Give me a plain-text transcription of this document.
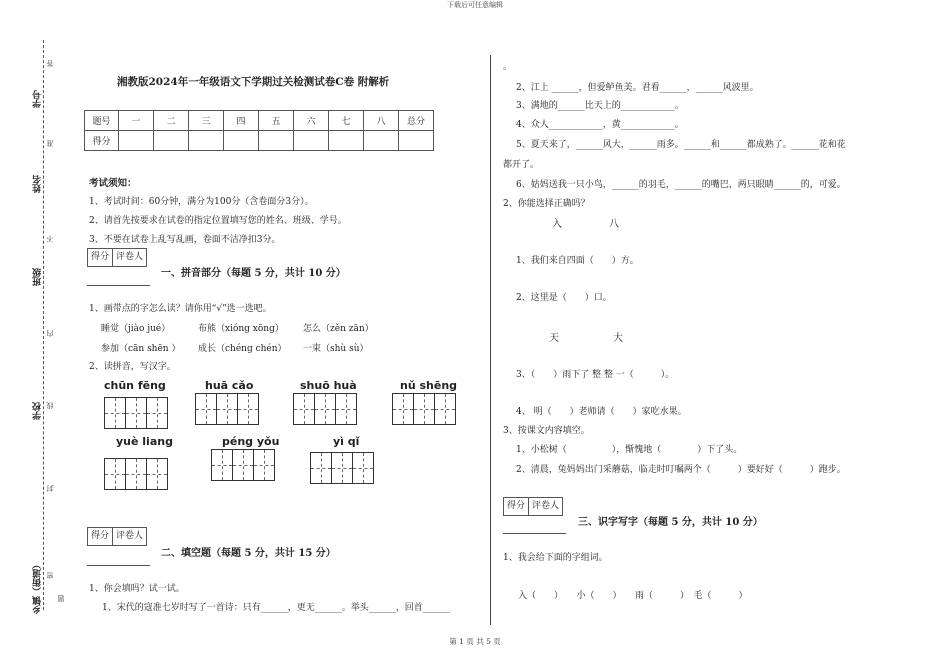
下载后可任意编辑
学号
姓名
班级
学校
乡镇（街道）
答
准
不
内
线
封
密
题
湘教版2024年一年级语文下学期过关检测试卷C卷 附解析
题号	一	二	三	四	五	六	七	八	总分
得分									
考试须知：
1、考试时间：60分钟，满分为100分（含卷面分3分）。
2、请首先按要求在试卷的指定位置填写您的姓名、班级、学号。
3、不要在试卷上乱写乱画，卷面不洁净扣3分。
得分 评卷人
一、拼音部分（每题 5 分，共计 10 分）
1、画带点的字怎么读？请你用“√”选一选吧。
睡觉（jiào jué）	布熊（xióng xōng） 怎么（zěn zān）
参加（cān shēn ） 成长（chéng chén） 一束（shù sù）
2、读拼音，写汉字。
chūn fēng	huā cǎo	shuō huà	nǔ shēng
yuè liang	péng yǒu	yì qǐ
得分 评卷人
二、填空题（每题 5 分，共计 15 分）
1、你会填吗？试一试。
1、宋代的寇准七岁时写了一首诗：只有______，更无______。举头______，回首______
。
2、江上 ______，但爱鲈鱼美。君看______，______风波里。
3、满地的______比天上的____________。
4、众人____________，黄____________。
5、夏天来了，______风大，______雨多。______和______都成熟了。______花和花
都开了。
6、姑妈送我一只小鸟，______的羽毛，______的嘴巴，两只眼睛______的，可爱。
2、你能选择正确吗？
入	八
1、我们来自四面（　　）方。
2、这里是（　　）口。
天	大
3、（　　）雨下了 整 整 一（　　　）。
4、 明（　　）老师请（　　）家吃水果。
3、按课文内容填空。
1、小松树（　　　　　），惭愧地（　　　　）下了头。
2、清晨，兔妈妈出门采蘑菇，临走时叮嘱两个（　　　）要好好（　　　）跑步。
得分 评卷人
三、识字写字（每题 5 分，共计 10 分）
1、我会给下面的字组词。
入（　　）　　小（　　）　　雨（　　　）　毛（　　　）
第 1 页 共 5 页
